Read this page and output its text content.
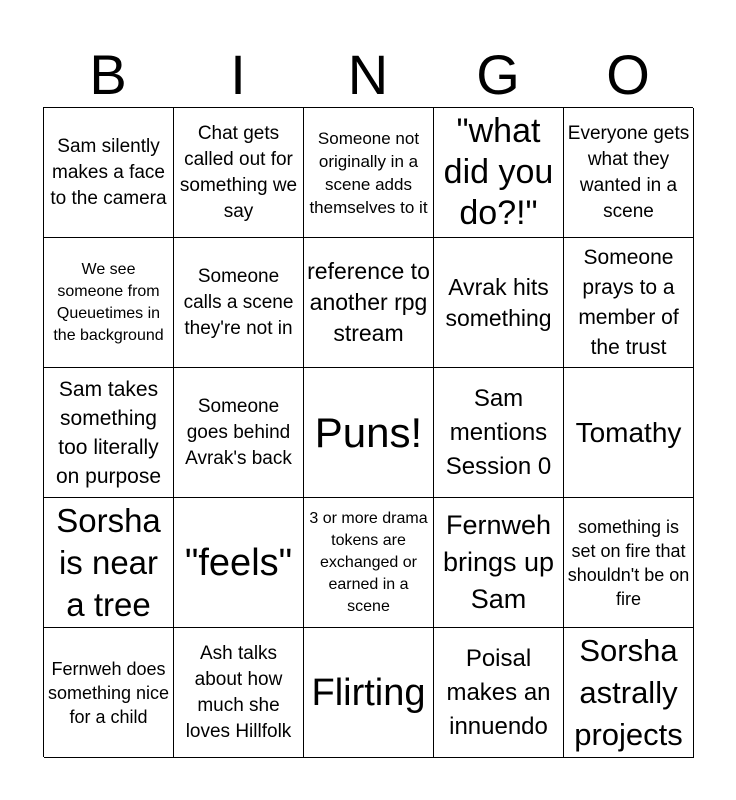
B	I	N	G	O
Sam silently makes a face to the camera
Chat gets called out for something we say
Someone not originally in a scene adds themselves to it
"what did you do?!"
Everyone gets what they wanted in a scene
We see someone from Queuetimes in the background
Someone calls a scene they're not in
reference to another rpg stream
Avrak hits something
Someone prays to a member of the trust
Sam takes something too literally on purpose
Someone goes behind Avrak's back
Puns!
Sam mentions Session 0
Tomathy
Sorsha is near a tree
"feels"
3 or more drama tokens are exchanged or earned in a scene
Fernweh brings up Sam
something is set on fire that shouldn't be on fire
Fernweh does something nice for a child
Ash talks about how much she loves Hillfolk
Flirting
Poisal makes an innuendo
Sorsha astrally projects
